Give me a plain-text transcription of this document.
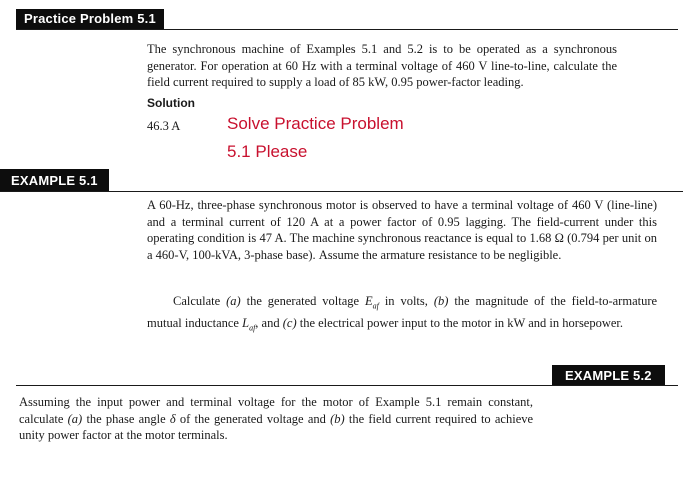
Practice Problem 5.1

The synchronous machine of Examples 5.1 and 5.2 is to be operated as a synchronous generator. For operation at 60 Hz with a terminal voltage of 460 V line-to-line, calculate the field current required to supply a load of 85 kW, 0.95 power-factor leading.

Solution
46.3 A	Solve Practice Problem
5.1 Please
EXAMPLE 5.1

A 60-Hz, three-phase synchronous motor is observed to have a terminal voltage of 460 V (line-line) and a terminal current of 120 A at a power factor of 0.95 lagging. The field-current under this operating condition is 47 A. The machine synchronous reactance is equal to 1.68 Ω (0.794 per unit on a 460-V, 100-kVA, 3-phase base). Assume the armature resistance to be negligible.

Calculate (a) the generated voltage $E_{af}$ in volts, (b) the magnitude of the field-to-armature mutual inductance $L_{af}$, and (c) the electrical power input to the motor in kW and in horsepower.

EXAMPLE 5.2

Assuming the input power and terminal voltage for the motor of Example 5.1 remain constant, calculate (a) the phase angle δ of the generated voltage and (b) the field current required to achieve unity power factor at the motor terminals.
